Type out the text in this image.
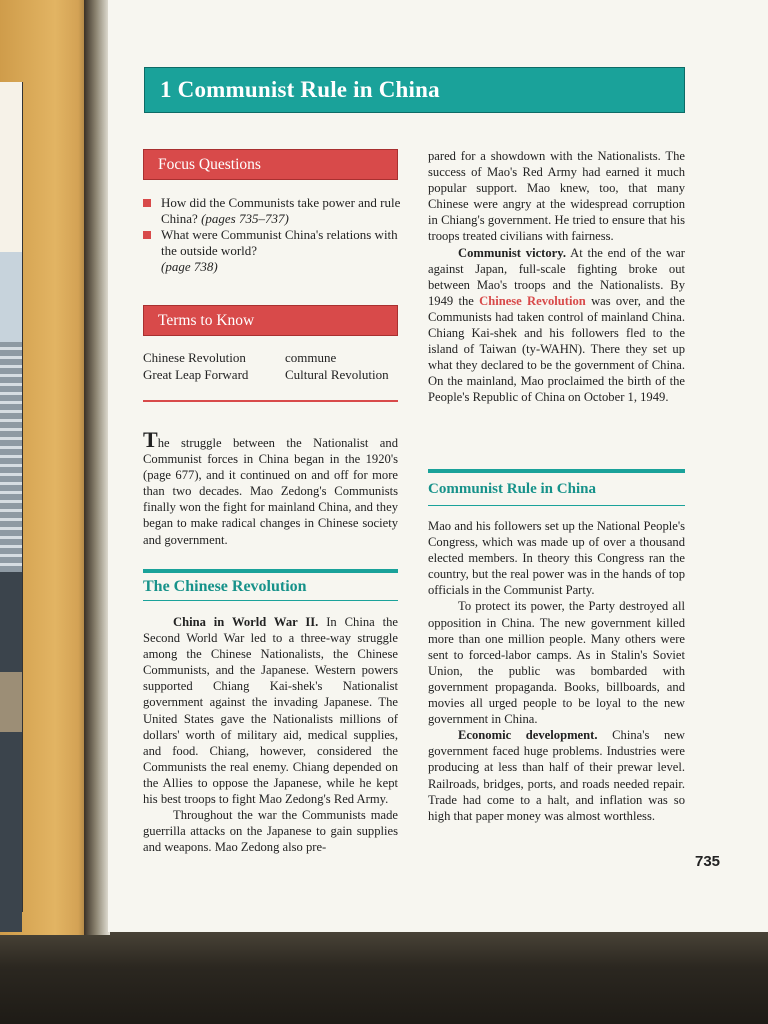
1 Communist Rule in China
Focus Questions
How did the Communists take power and rule China? (pages 735–737)
What were Communist China's relations with the outside world?
(page 738)
Terms to Know
Chinese Revolution	commune
Great Leap Forward	Cultural Revolution

The struggle between the Nationalist and Communist forces in China began in the 1920's (page 677), and it continued on and off for more than two decades. Mao Zedong's Communists finally won the fight for mainland China, and they began to make radical changes in Chinese society and government.

The Chinese Revolution

China in World War II. In China the Second World War led to a three-way struggle among the Chinese Nationalists, the Chinese Communists, and the Japanese. Western powers supported Chiang Kai-shek's Nationalist government against the invading Japanese. The United States gave the Nationalists millions of dollars' worth of military aid, medical supplies, and food. Chiang, however, considered the Communists the real enemy. Chiang depended on the Allies to oppose the Japanese, while he kept his best troops to fight Mao Zedong's Red Army.

Throughout the war the Communists made guerrilla attacks on the Japanese to gain supplies and weapons. Mao Zedong also pre-

pared for a showdown with the Nationalists. The success of Mao's Red Army had earned it much popular support. Mao knew, too, that many Chinese were angry at the widespread corruption in Chiang's government. He tried to ensure that his troops treated civilians with fairness.

Communist victory. At the end of the war against Japan, full-scale fighting broke out between Mao's troops and the Nationalists. By 1949 the Chinese Revolution was over, and the Communists had taken control of mainland China. Chiang Kai-shek and his followers fled to the island of Taiwan (ty-WAHN). There they set up what they declared to be the government of China. On the mainland, Mao proclaimed the birth of the People's Republic of China on October 1, 1949.

Communist Rule in China

Mao and his followers set up the National People's Congress, which was made up of over a thousand elected members. In theory this Congress ran the country, but the real power was in the hands of top officials in the Communist Party.

To protect its power, the Party destroyed all opposition in China. The new government killed more than one million people. Many others were sent to forced-labor camps. As in Stalin's Soviet Union, the public was bombarded with government propaganda. Books, billboards, and movies all urged people to be loyal to the new government in China.

Economic development. China's new government faced huge problems. Industries were producing at less than half of their prewar level. Railroads, bridges, ports, and roads needed repair. Trade had come to a halt, and inflation was so high that paper money was almost worthless.

735
